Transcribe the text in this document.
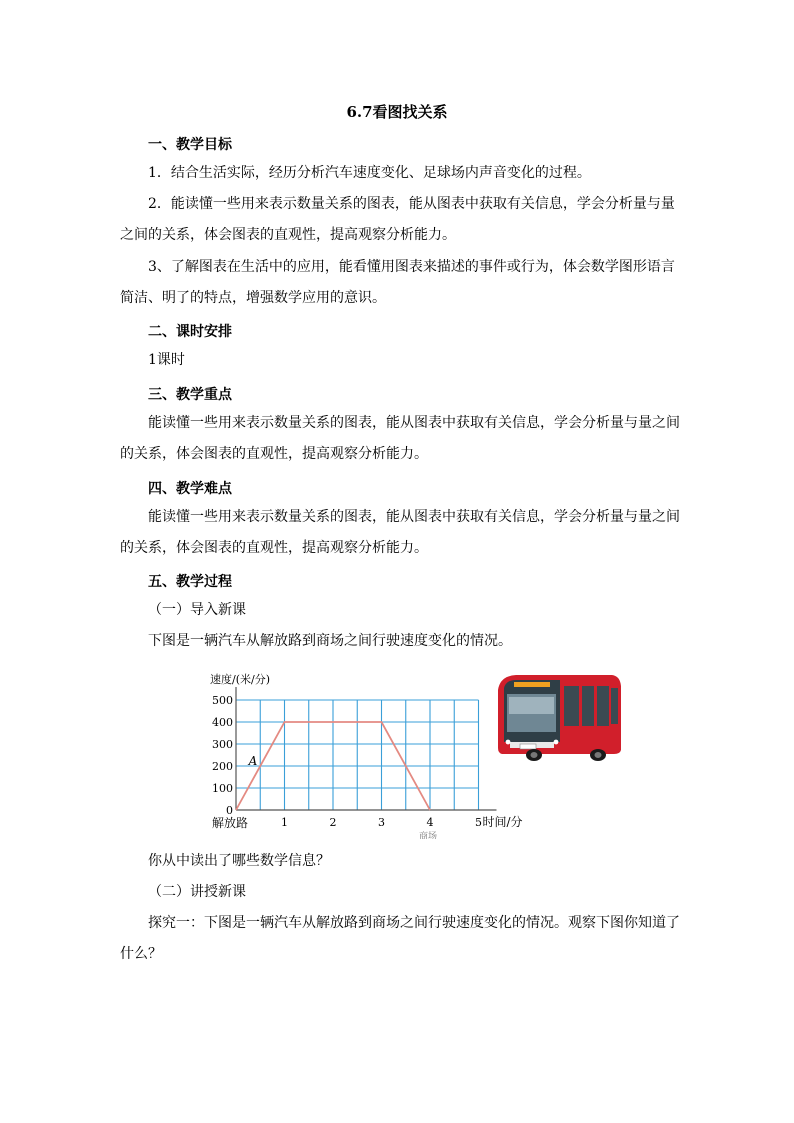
6.7看图找关系
一、教学目标
1．结合生活实际，经历分析汽车速度变化、足球场内声音变化的过程。
2．能读懂一些用来表示数量关系的图表，能从图表中获取有关信息，学会分析量与量
之间的关系，体会图表的直观性，提高观察分析能力。
3、了解图表在生活中的应用，能看懂用图表来描述的事件或行为，体会数学图形语言
简洁、明了的特点，增强数学应用的意识。
二、课时安排
1课时
三、教学重点
能读懂一些用来表示数量关系的图表，能从图表中获取有关信息，学会分析量与量之间
的关系，体会图表的直观性，提高观察分析能力。
四、教学难点
能读懂一些用来表示数量关系的图表，能从图表中获取有关信息，学会分析量与量之间
的关系，体会图表的直观性，提高观察分析能力。
五、教学过程
（一）导入新课
下图是一辆汽车从解放路到商场之间行驶速度变化的情况。
0
100
200
300
400
500
1	2	3	4	5
解放路
商场
速度/(米/分)
时间/分
A
你从中读出了哪些数学信息？
（二）讲授新课
探究一：下图是一辆汽车从解放路到商场之间行驶速度变化的情况。观察下图你知道了
什么？
